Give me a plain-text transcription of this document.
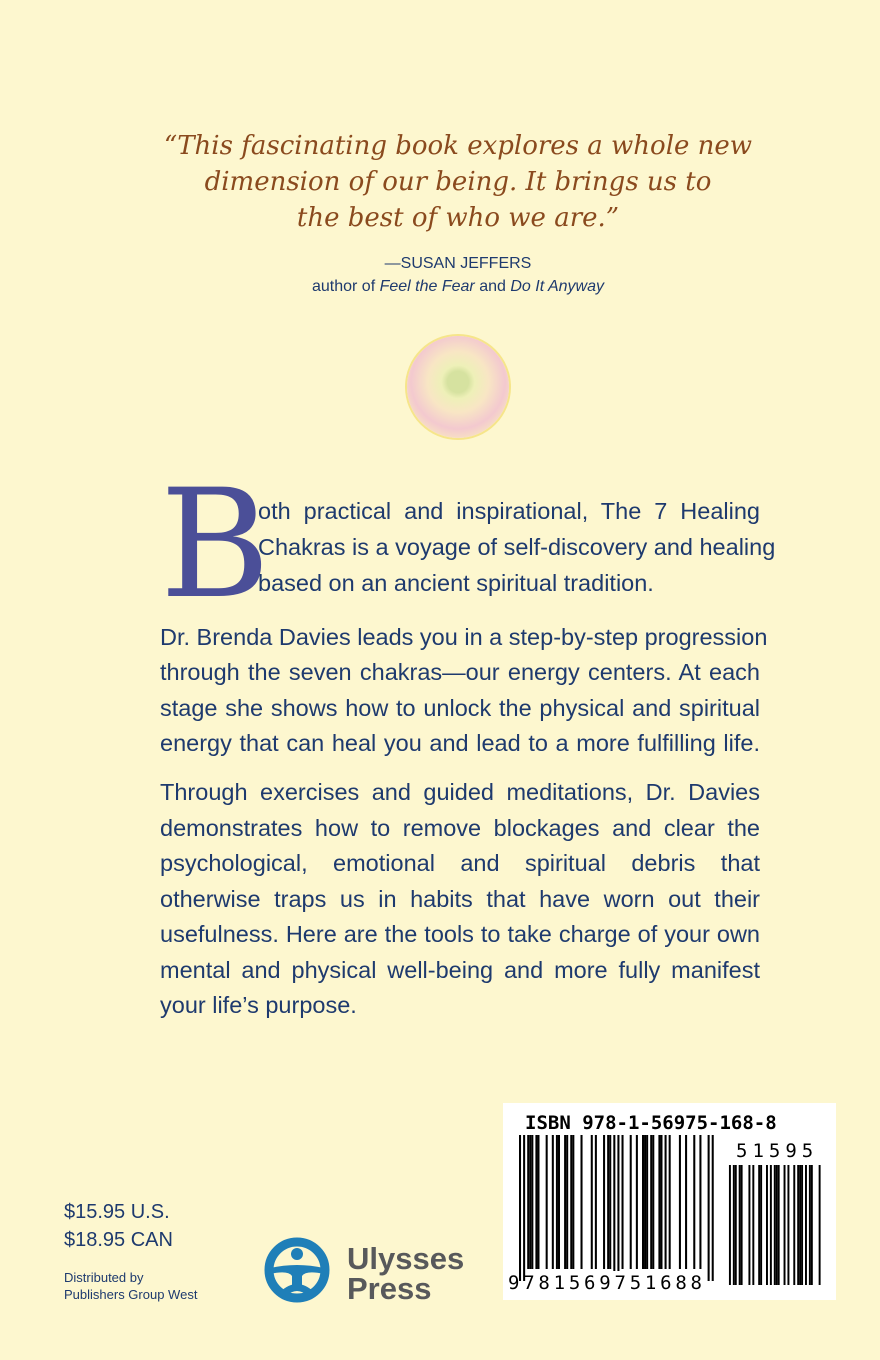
“This fascinating book explores a whole new
dimension of our being. It brings us to
the best of who we are.”
—SUSAN JEFFERS
author of Feel the Fear and Do It Anyway
B
oth practical and inspirational, The 7 Healing
Chakras is a voyage of self-discovery and healing
based on an ancient spiritual tradition.
Dr. Brenda Davies leads you in a step-by-step progression
through the seven chakras—our energy centers. At each
stage she shows how to unlock the physical and spiritual
energy that can heal you and lead to a more fulfilling life.
Through exercises and guided meditations, Dr. Davies
demonstrates how to remove blockages and clear the
psychological, emotional and spiritual debris that
otherwise traps us in habits that have worn out their
usefulness. Here are the tools to take charge of your own
mental and physical well-being and more fully manifest
your life’s purpose.
$15.95 U.S.
$18.95 CAN
Distributed by
Publishers Group West
Ulysses
Press
ISBN 978-1-56975-168-8
51595
9781569751688
